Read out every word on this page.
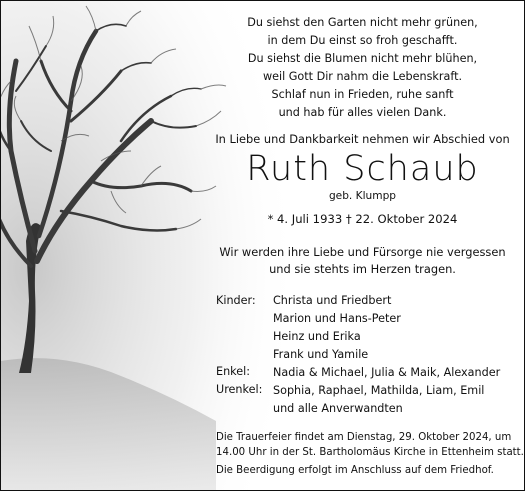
Du siehst den Garten nicht mehr grünen,
in dem Du einst so froh geschafft.
Du siehst die Blumen nicht mehr blühen,
weil Gott Dir nahm die Lebenskraft.
Schlaf nun in Frieden, ruhe sanft
und hab für alles vielen Dank.
In Liebe und Dankbarkeit nehmen wir Abschied von
Ruth Schaub
geb. Klumpp
* 4. Juli 1933 † 22. Oktober 2024
Wir werden ihre Liebe und Fürsorge nie vergessen
und sie stehts im Herzen tragen.
Kinder: Christa und Friedbert
Marion und Hans-Peter
Heinz und Erika
Frank und Yamile
Enkel: Nadia & Michael, Julia & Maik, Alexander
Urenkel: Sophia, Raphael, Mathilda, Liam, Emil
und alle Anverwandten
Die Trauerfeier findet am Dienstag, 29. Oktober 2024, um
14.00 Uhr in der St. Bartholomäus Kirche in Ettenheim statt.
Die Beerdigung erfolgt im Anschluss auf dem Friedhof.
